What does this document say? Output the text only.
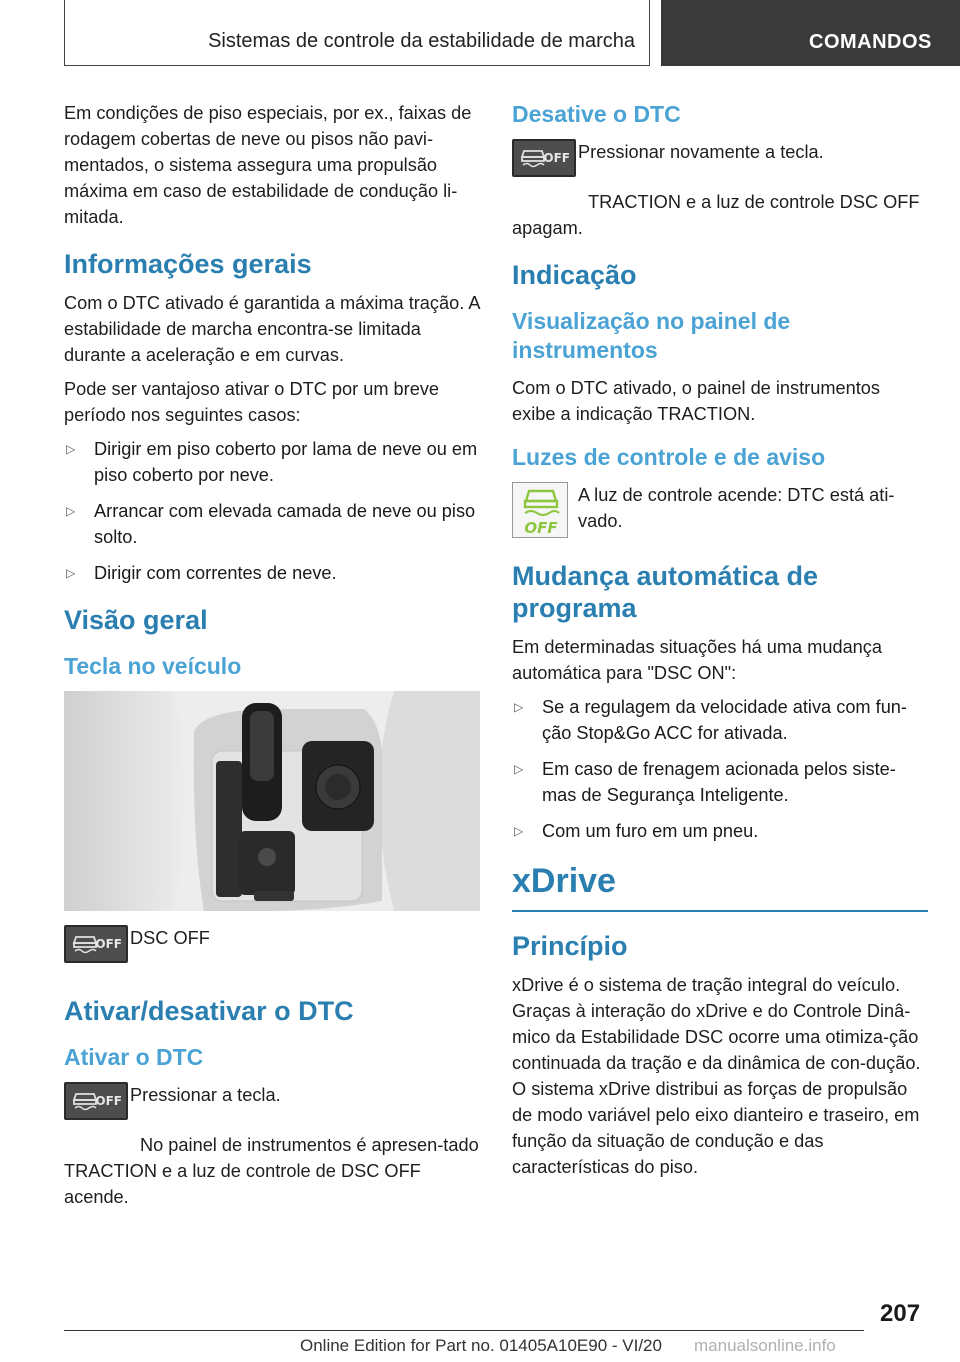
Sistemas de controle da estabilidade de marcha	COMANDOS

Em condições de piso especiais, por ex., faixas de rodagem cobertas de neve ou pisos não pavi-mentados, o sistema assegura uma propulsão máxima em caso de estabilidade de condução li-mitada.

Informações gerais

Com o DTC ativado é garantida a máxima tração. A estabilidade de marcha encontra-se limitada durante a aceleração e em curvas.

Pode ser vantajoso ativar o DTC por um breve período nos seguintes casos:

▷ Dirigir em piso coberto por lama de neve ou em piso coberto por neve.
▷ Arrancar com elevada camada de neve ou piso solto.
▷ Dirigir com correntes de neve.
Visão geral
Tecla no veículo
OFF DSC OFF

Ativar/desativar o DTC
Ativar o DTC
OFF Pressionar a tecla.

No painel de instrumentos é apresen-tado TRACTION e a luz de controle de DSC OFF acende.

Desative o DTC
OFF Pressionar novamente a tecla.

TRACTION e a luz de controle DSC OFF apagam.

Indicação
Visualização no painel de instrumentos

Com o DTC ativado, o painel de instrumentos exibe a indicação TRACTION.

Luzes de controle e de aviso
OFF

A luz de controle acende: DTC está ati-vado.

Mudança automática de programa

Em determinadas situações há uma mudança automática para "DSC ON":

▷ Se a regulagem da velocidade ativa com fun-ção Stop&Go ACC for ativada.
▷ Em caso de frenagem acionada pelos siste-mas de Segurança Inteligente.
▷ Com um furo em um pneu.
xDrive
Princípio

xDrive é o sistema de tração integral do veículo. Graças à interação do xDrive e do Controle Dinâ-mico da Estabilidade DSC ocorre uma otimiza-ção continuada da tração e da dinâmica de con-dução. O sistema xDrive distribui as forças de propulsão de modo variável pelo eixo dianteiro e traseiro, em função da situação de condução e das características do piso.

207
Online Edition for Part no. 01405A10E90 - VI/20 manualsonline.info
